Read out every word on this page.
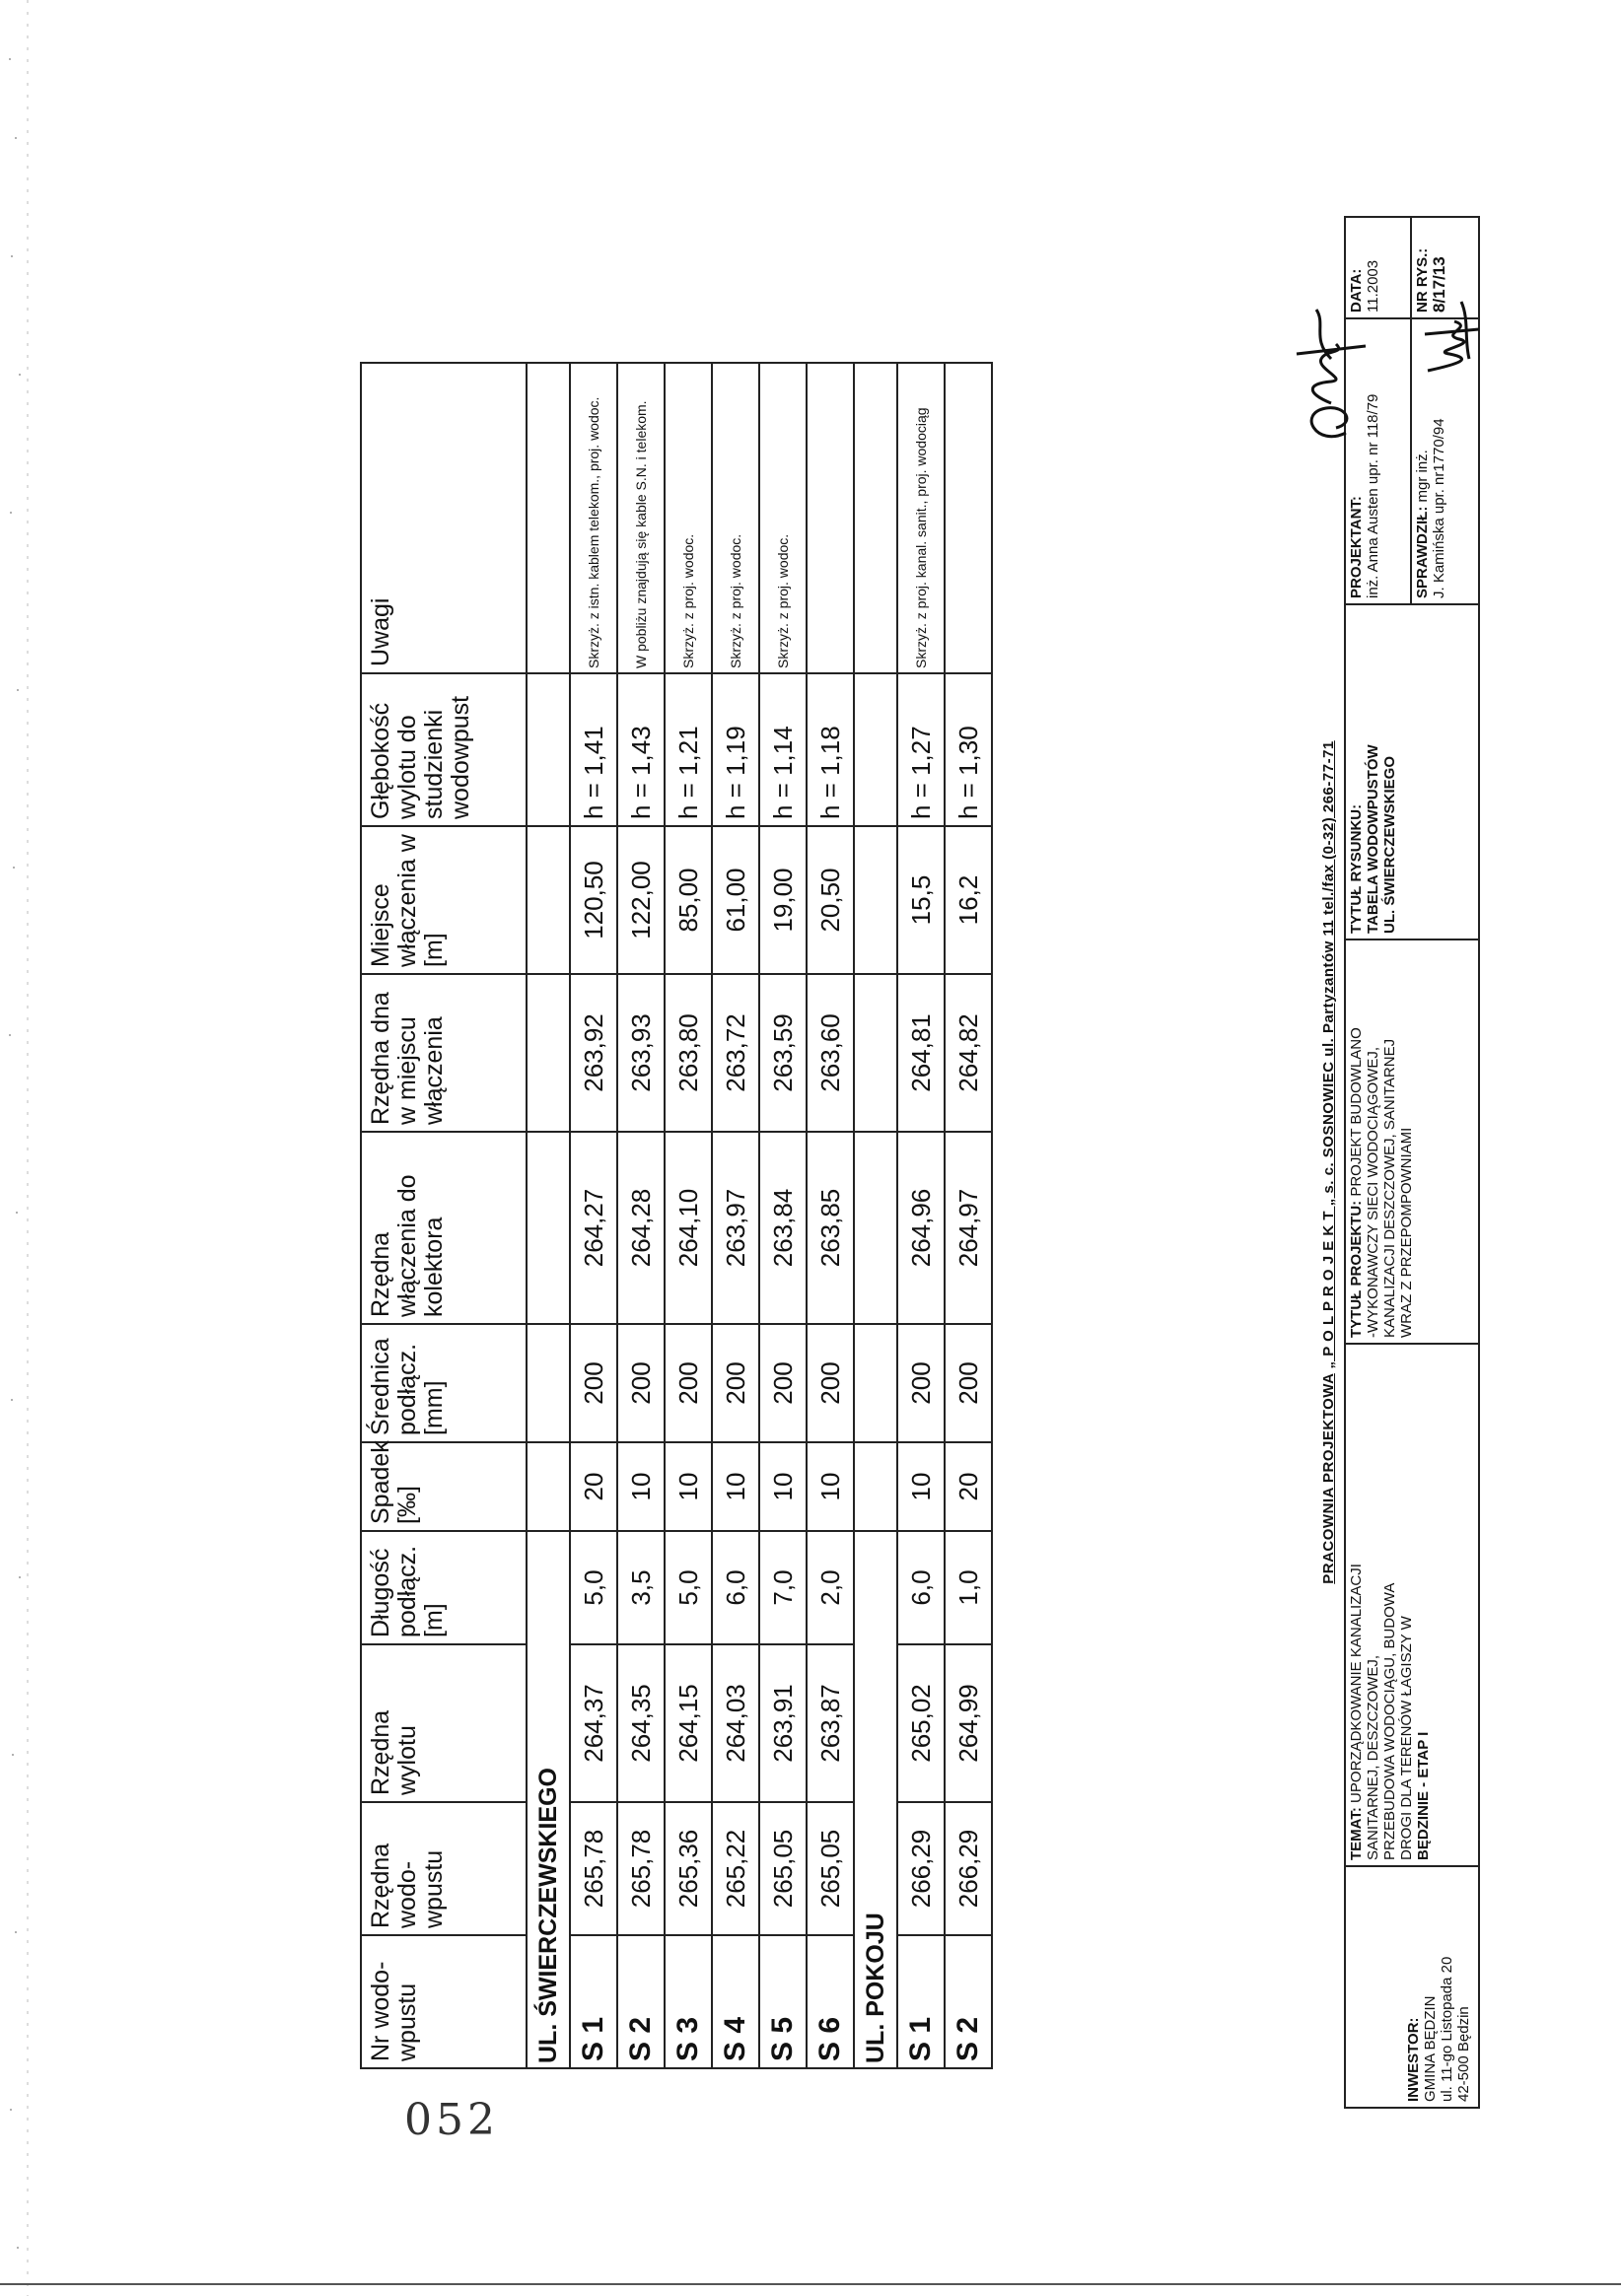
Nr wodo-wpustu	Rzędna wodo-wpustu	Rzędna wylotu	Długość podłącz. [m]	Spadek [‰]	Średnica podłącz. [mm]	Rzędna włączenia do kolektora	Rzędna dna w miejscu włączenia	Miejsce włączenia w [m]	Głębokość wylotu do studzienki wodowpust	Uwagi
UL. ŚWIERCZEWSKIEGO										
S 1	265,78	264,37	5,0	20	200	264,27	263,92	120,50	h = 1,41	Skrzyż. z istn. kablem telekom., proj. wodoc.
S 2	265,78	264,35	3,5	10	200	264,28	263,93	122,00	h = 1,43	W pobliżu znajdują się kable S.N. i telekom.
S 3	265,36	264,15	5,0	10	200	264,10	263,80	85,00	h = 1,21	Skrzyż. z proj. wodoc.
S 4	265,22	264,03	6,0	10	200	263,97	263,72	61,00	h = 1,19	Skrzyż. z proj. wodoc.
S 5	265,05	263,91	7,0	10	200	263,84	263,59	19,00	h = 1,14	Skrzyż. z proj. wodoc.
S 6	265,05	263,87	2,0	10	200	263,85	263,60	20,50	h = 1,18	
UL. POKOJU										
S 1	266,29	265,02	6,0	10	200	264,96	264,81	15,5	h = 1,27	Skrzyż. z proj. kanal. sanit., proj. wodociąg
S 2	266,29	264,99	1,0	20	200	264,97	264,82	16,2	h = 1,30	
PRACOWNIA PROJEKTOWA „ P O L P R O J E K T „ s. c. SOSNOWIEC ul. Partyzantów 11 tel./fax (0-32) 266-77-71
INWESTOR: GMINA BĘDZIN ul. 11-go Listopada 20 42-500 Będzin
TEMAT: UPORZĄDKOWANIE KANALIZACJI SANITARNEJ, DESZCZOWEJ, PRZEBUDOWA WODOCIĄGU, BUDOWA DROGI DLA TERENÓW ŁAGISZY W BĘDZINIE - ETAP I
TYTUŁ PROJEKTU: PROJEKT BUDOWLANO -WYKONAWCZY SIECI WODOCIĄGOWEJ, KANALIZACJI DESZCZOWEJ, SANITARNEJ WRAZ Z PRZEPOMPOWNIAMI
TYTUŁ RYSUNKU: TABELA WODOWPUSTÓW UL. ŚWIERCZEWSKIEGO
PROJEKTANT: inż. Anna Austen upr. nr 118/79 SPRAWDZIŁ: mgr inż. J. Kamińska upr. nr1770/94
DATA: 11.2003 NR RYS.: 8/17/13
052
